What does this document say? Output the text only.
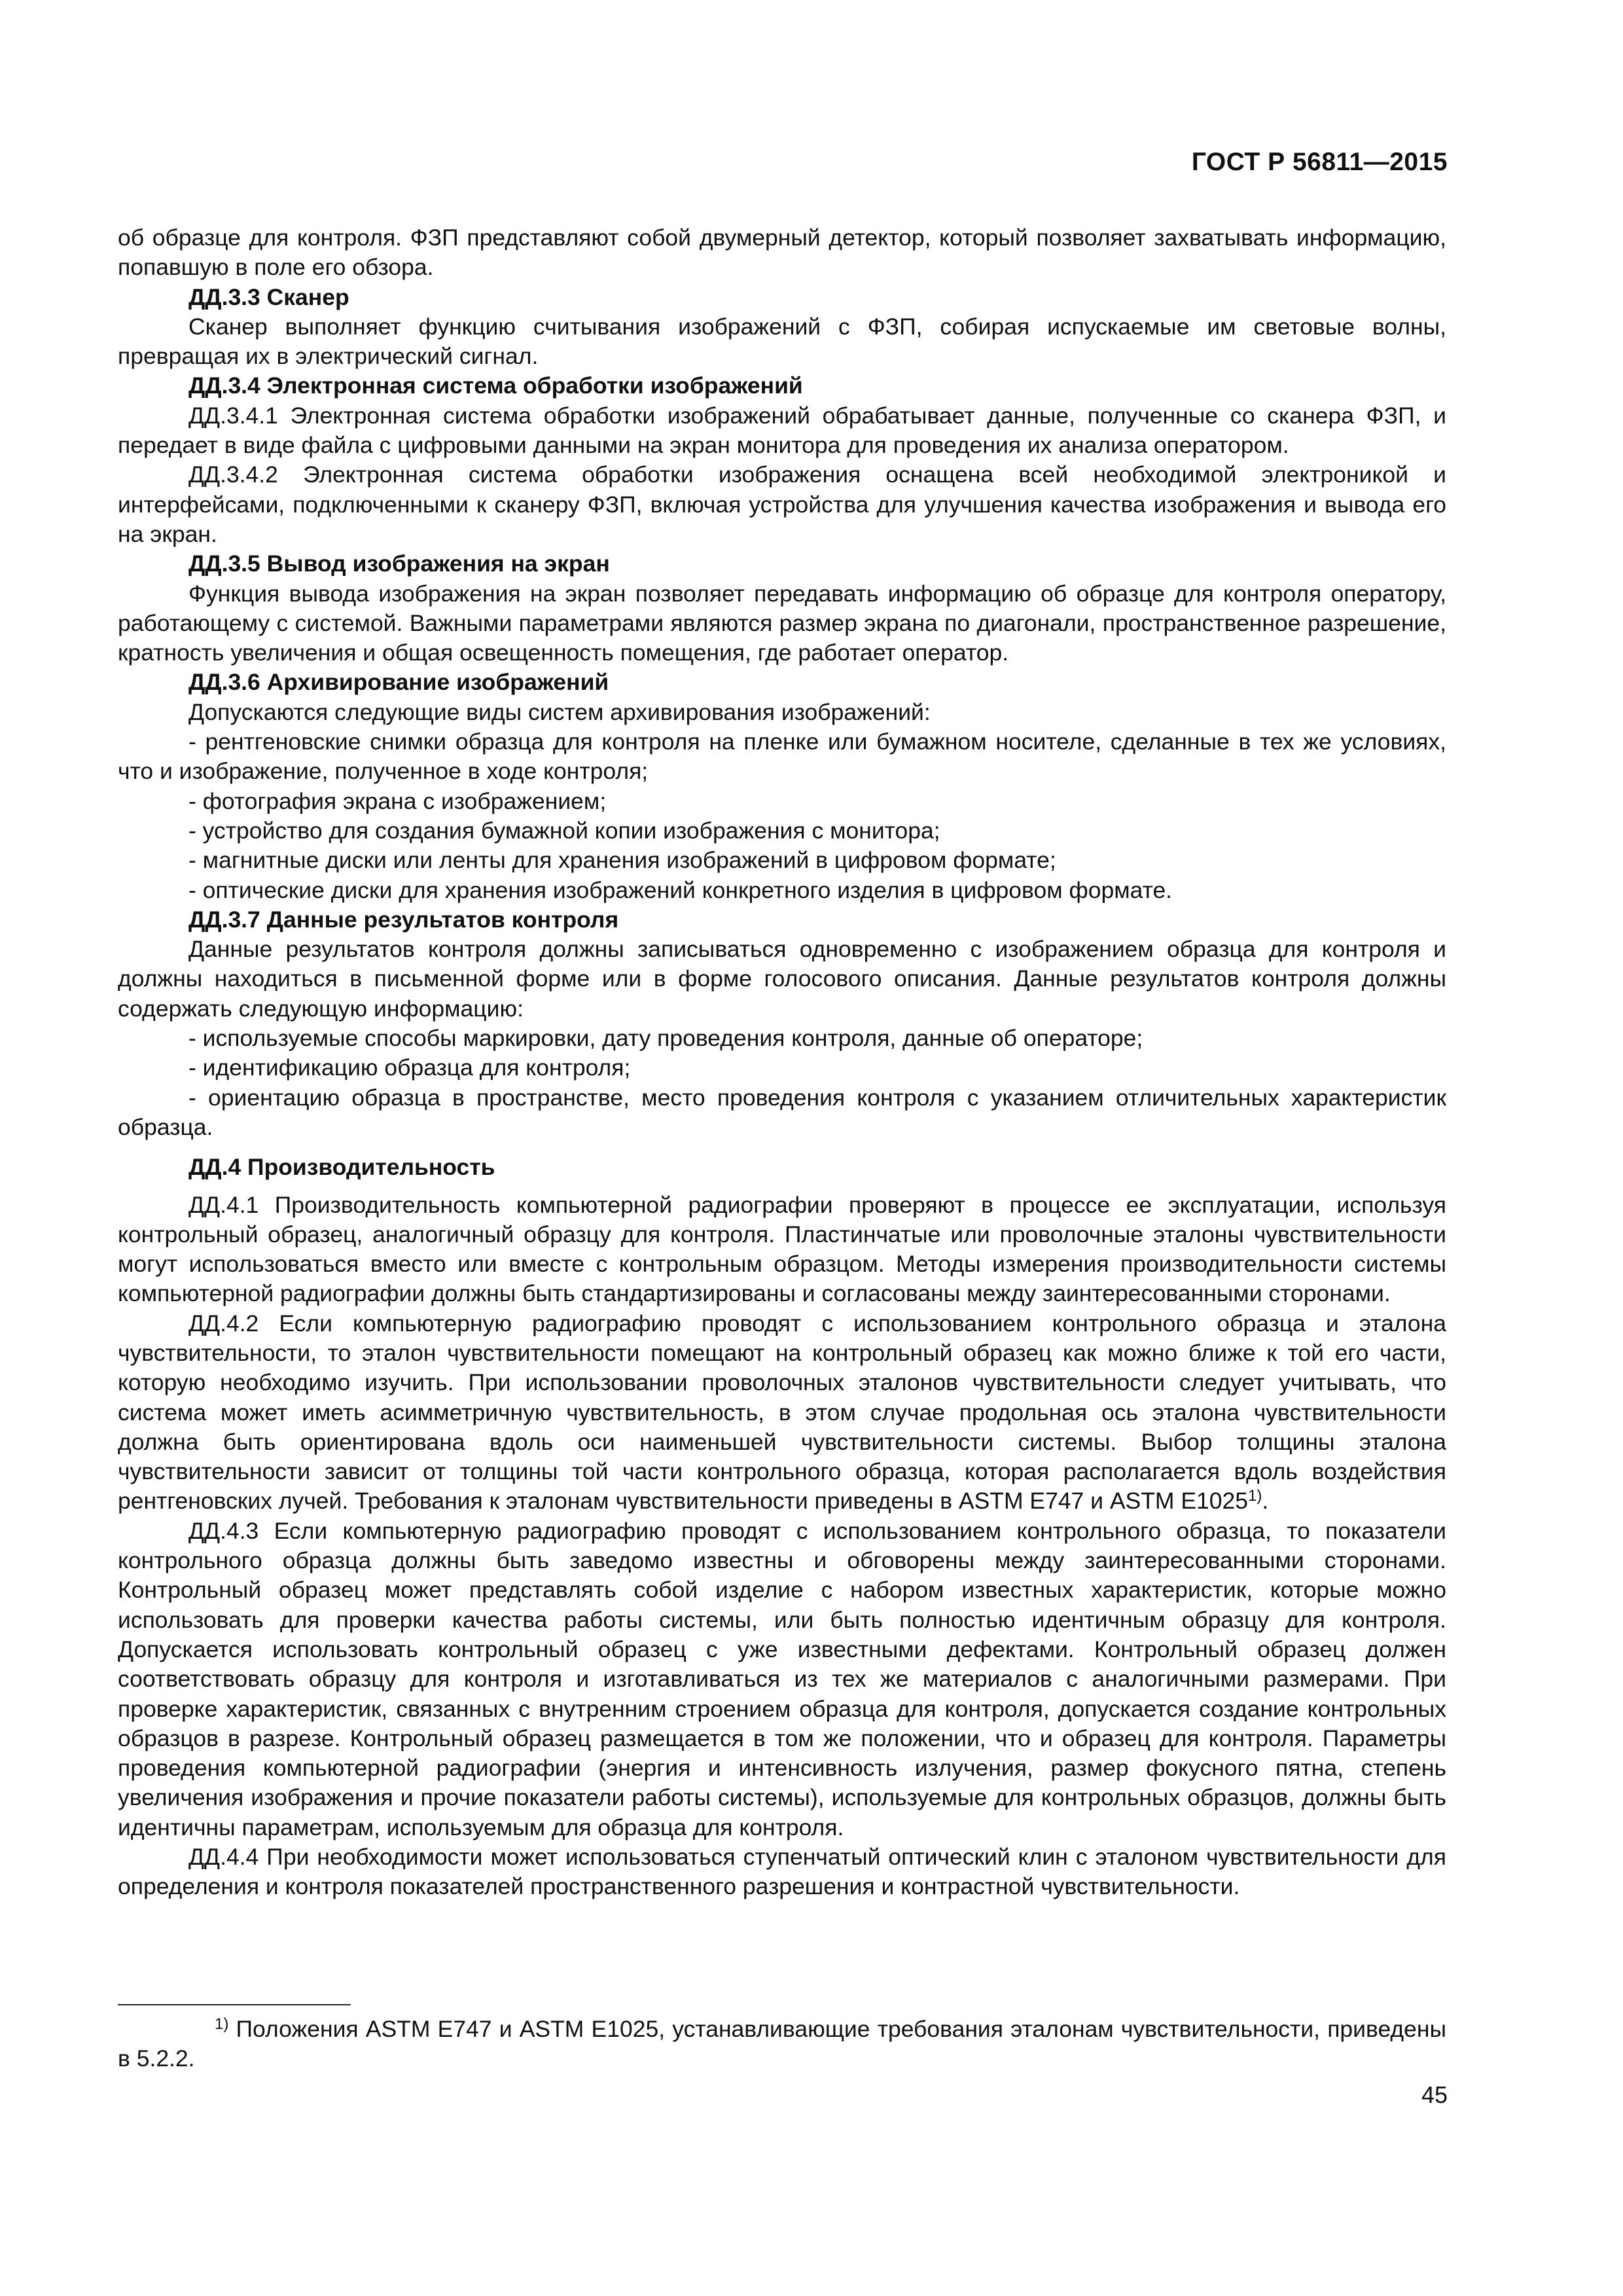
ГОСТ Р 56811—2015

об образце для контроля. ФЗП представляют собой двумерный детектор, который позволяет захватывать информацию, попавшую в поле его обзора.

ДД.3.3 Сканер

Сканер выполняет функцию считывания изображений с ФЗП, собирая испускаемые им световые волны, превращая их в электрический сигнал.

ДД.3.4 Электронная система обработки изображений

ДД.3.4.1 Электронная система обработки изображений обрабатывает данные, полученные со сканера ФЗП, и передает в виде файла с цифровыми данными на экран монитора для проведения их анализа оператором.

ДД.3.4.2 Электронная система обработки изображения оснащена всей необходимой электроникой и интерфейсами, подключенными к сканеру ФЗП, включая устройства для улучшения качества изображения и вывода его на экран.

ДД.3.5 Вывод изображения на экран

Функция вывода изображения на экран позволяет передавать информацию об образце для контроля оператору, работающему с системой. Важными параметрами являются размер экрана по диагонали, пространственное разрешение, кратность увеличения и общая освещенность помещения, где работает оператор.

ДД.3.6 Архивирование изображений

Допускаются следующие виды систем архивирования изображений:

- рентгеновские снимки образца для контроля на пленке или бумажном носителе, сделанные в тех же условиях, что и изображение, полученное в ходе контроля;

- фотография экрана с изображением;

- устройство для создания бумажной копии изображения с монитора;

- магнитные диски или ленты для хранения изображений в цифровом формате;

- оптические диски для хранения изображений конкретного изделия в цифровом формате.

ДД.3.7 Данные результатов контроля

Данные результатов контроля должны записываться одновременно с изображением образца для контроля и должны находиться в письменной форме или в форме голосового описания. Данные результатов контроля должны содержать следующую информацию:

- используемые способы маркировки, дату проведения контроля, данные об операторе;

- идентификацию образца для контроля;

- ориентацию образца в пространстве, место проведения контроля с указанием отличительных характеристик образца.

ДД.4 Производительность

ДД.4.1 Производительность компьютерной радиографии проверяют в процессе ее эксплуатации, используя контрольный образец, аналогичный образцу для контроля. Пластинчатые или проволочные эталоны чувствительности могут использоваться вместо или вместе с контрольным образцом. Методы измерения производительности системы компьютерной радиографии должны быть стандартизированы и согласованы между заинтересованными сторонами.

ДД.4.2 Если компьютерную радиографию проводят с использованием контрольного образца и эталона чувствительности, то эталон чувствительности помещают на контрольный образец как можно ближе к той его части, которую необходимо изучить. При использовании проволочных эталонов чувствительности следует учитывать, что система может иметь асимметричную чувствительность, в этом случае продольная ось эталона чувствительности должна быть ориентирована вдоль оси наименьшей чувствительности системы. Выбор толщины эталона чувствительности зависит от толщины той части контрольного образца, которая располагается вдоль воздействия рентгеновских лучей. Требования к эталонам чувствительности приведены в ASTM E747 и ASTM E1025$^{1)}$.

ДД.4.3 Если компьютерную радиографию проводят с использованием контрольного образца, то показатели контрольного образца должны быть заведомо известны и обговорены между заинтересованными сторонами. Контрольный образец может представлять собой изделие с набором известных характеристик, которые можно использовать для проверки качества работы системы, или быть полностью идентичным образцу для контроля. Допускается использовать контрольный образец с уже известными дефектами. Контрольный образец должен соответствовать образцу для контроля и изготавливаться из тех же материалов с аналогичными размерами. При проверке характеристик, связанных с внутренним строением образца для контроля, допускается создание контрольных образцов в разрезе. Контрольный образец размещается в том же положении, что и образец для контроля. Параметры проведения компьютерной радиографии (энергия и интенсивность излучения, размер фокусного пятна, степень увеличения изображения и прочие показатели работы системы), используемые для контрольных образцов, должны быть идентичны параметрам, используемым для образца для контроля.

ДД.4.4 При необходимости может использоваться ступенчатый оптический клин с эталоном чувствительности для определения и контроля показателей пространственного разрешения и контрастной чувствительности.

$^{1)}$ Положения ASTM E747 и ASTM E1025, устанавливающие требования эталонам чувствительности, приведены в 5.2.2.

45
